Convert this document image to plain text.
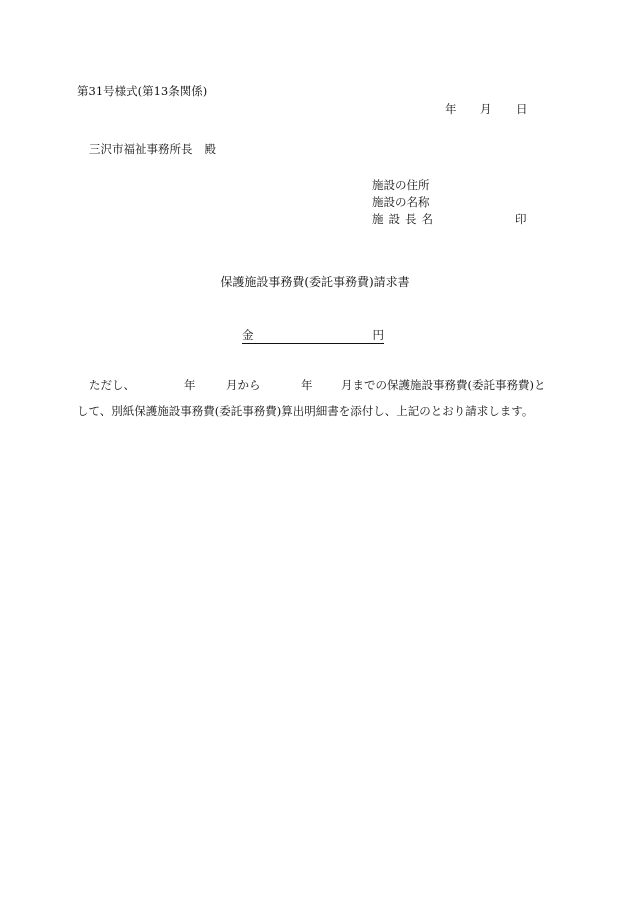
第31号様式(第13条関係)
年 月 日
三沢市福祉事務所長 殿
施設の住所
施設の名称
施設長名	印
保護施設事務費(委託事務費)請求書
金	円
ただし、	年	月から	年 月までの保護施設事務費(委託事務費)と
して、別紙保護施設事務費(委託事務費)算出明細書を添付し、上記のとおり請求します。
